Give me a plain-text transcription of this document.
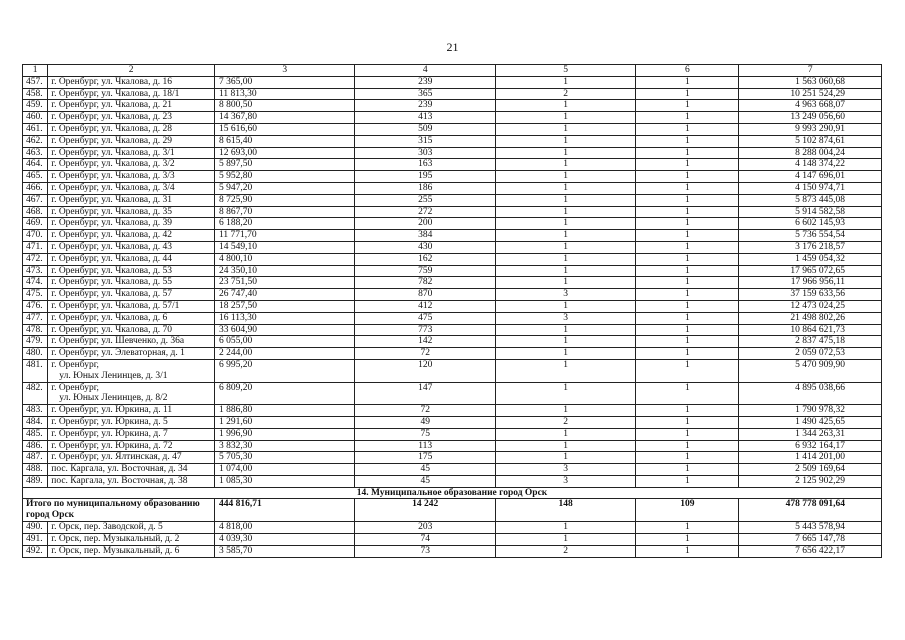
21
1	2	3	4	5	6	7
457.	г. Оренбург, ул. Чкалова, д. 16	7 365,00	239	1	1	1 563 060,68
458.	г. Оренбург, ул. Чкалова, д. 18/1	11 813,30	365	2	1	10 251 524,29
459.	г. Оренбург, ул. Чкалова, д. 21	8 800,50	239	1	1	4 963 668,07
460.	г. Оренбург, ул. Чкалова, д. 23	14 367,80	413	1	1	13 249 056,60
461.	г. Оренбург, ул. Чкалова, д. 28	15 616,60	509	1	1	9 993 290,91
462.	г. Оренбург, ул. Чкалова, д. 29	8 615,40	315	1	1	5 102 874,61
463.	г. Оренбург, ул. Чкалова, д. 3/1	12 693,00	303	1	1	8 288 004,24
464.	г. Оренбург, ул. Чкалова, д. 3/2	5 897,50	163	1	1	4 148 374,22
465.	г. Оренбург, ул. Чкалова, д. 3/3	5 952,80	195	1	1	4 147 696,01
466.	г. Оренбург, ул. Чкалова, д. 3/4	5 947,20	186	1	1	4 150 974,71
467.	г. Оренбург, ул. Чкалова, д. 31	8 725,90	255	1	1	5 873 445,08
468.	г. Оренбург, ул. Чкалова, д. 35	8 867,70	272	1	1	5 914 582,58
469.	г. Оренбург, ул. Чкалова, д. 39	6 188,20	200	1	1	6 602 145,93
470.	г. Оренбург, ул. Чкалова, д. 42	11 771,70	384	1	1	5 736 554,54
471.	г. Оренбург, ул. Чкалова, д. 43	14 549,10	430	1	1	3 176 218,57
472.	г. Оренбург, ул. Чкалова, д. 44	4 800,10	162	1	1	1 459 054,32
473.	г. Оренбург, ул. Чкалова, д. 53	24 350,10	759	1	1	17 965 072,65
474.	г. Оренбург, ул. Чкалова, д. 55	23 751,50	782	1	1	17 966 956,11
475.	г. Оренбург, ул. Чкалова, д. 57	26 747,40	870	3	1	37 159 633,56
476.	г. Оренбург, ул. Чкалова, д. 57/1	18 257,50	412	1	1	12 473 024,25
477.	г. Оренбург, ул. Чкалова, д. 6	16 113,30	475	3	1	21 498 802,26
478.	г. Оренбург, ул. Чкалова, д. 70	33 604,90	773	1	1	10 864 621,73
479.	г. Оренбург, ул. Шевченко, д. 36а	6 055,00	142	1	1	2 837 475,18
480.	г. Оренбург, ул. Элеваторная, д. 1	2 244,00	72	1	1	2 059 072,53
481.	г. Оренбург,
ул. Юных Ленинцев, д. 3/1	6 995,20	120	1	1	5 470 909,90
482.	г. Оренбург,
ул. Юных Ленинцев, д. 8/2	6 809,20	147	1	1	4 895 038,66
483.	г. Оренбург, ул. Юркина, д. 11	1 886,80	72	1	1	1 790 978,32
484.	г. Оренбург, ул. Юркина, д. 5	1 291,60	49	2	1	1 490 425,65
485.	г. Оренбург, ул. Юркина, д. 7	1 996,90	75	1	1	1 344 263,31
486.	г. Оренбург, ул. Юркина, д. 72	3 832,30	113	1	1	6 932 164,17
487.	г. Оренбург, ул. Ялтинская, д. 47	5 705,30	175	1	1	1 414 201,00
488.	пос. Каргала, ул. Восточная, д. 34	1 074,00	45	3	1	2 509 169,64
489.	пос. Каргала, ул. Восточная, д. 38	1 085,30	45	3	1	2 125 902,29
14. Муниципальное образование город Орск						
Итого по муниципальному образованию город Орск		444 816,71	14 242	148	109	478 778 091,64
490.	г. Орск, пер. Заводской, д. 5	4 818,00	203	1	1	5 443 578,94
491.	г. Орск, пер. Музыкальный, д. 2	4 039,30	74	1	1	7 665 147,78
492.	г. Орск, пер. Музыкальный, д. 6	3 585,70	73	2	1	7 656 422,17
